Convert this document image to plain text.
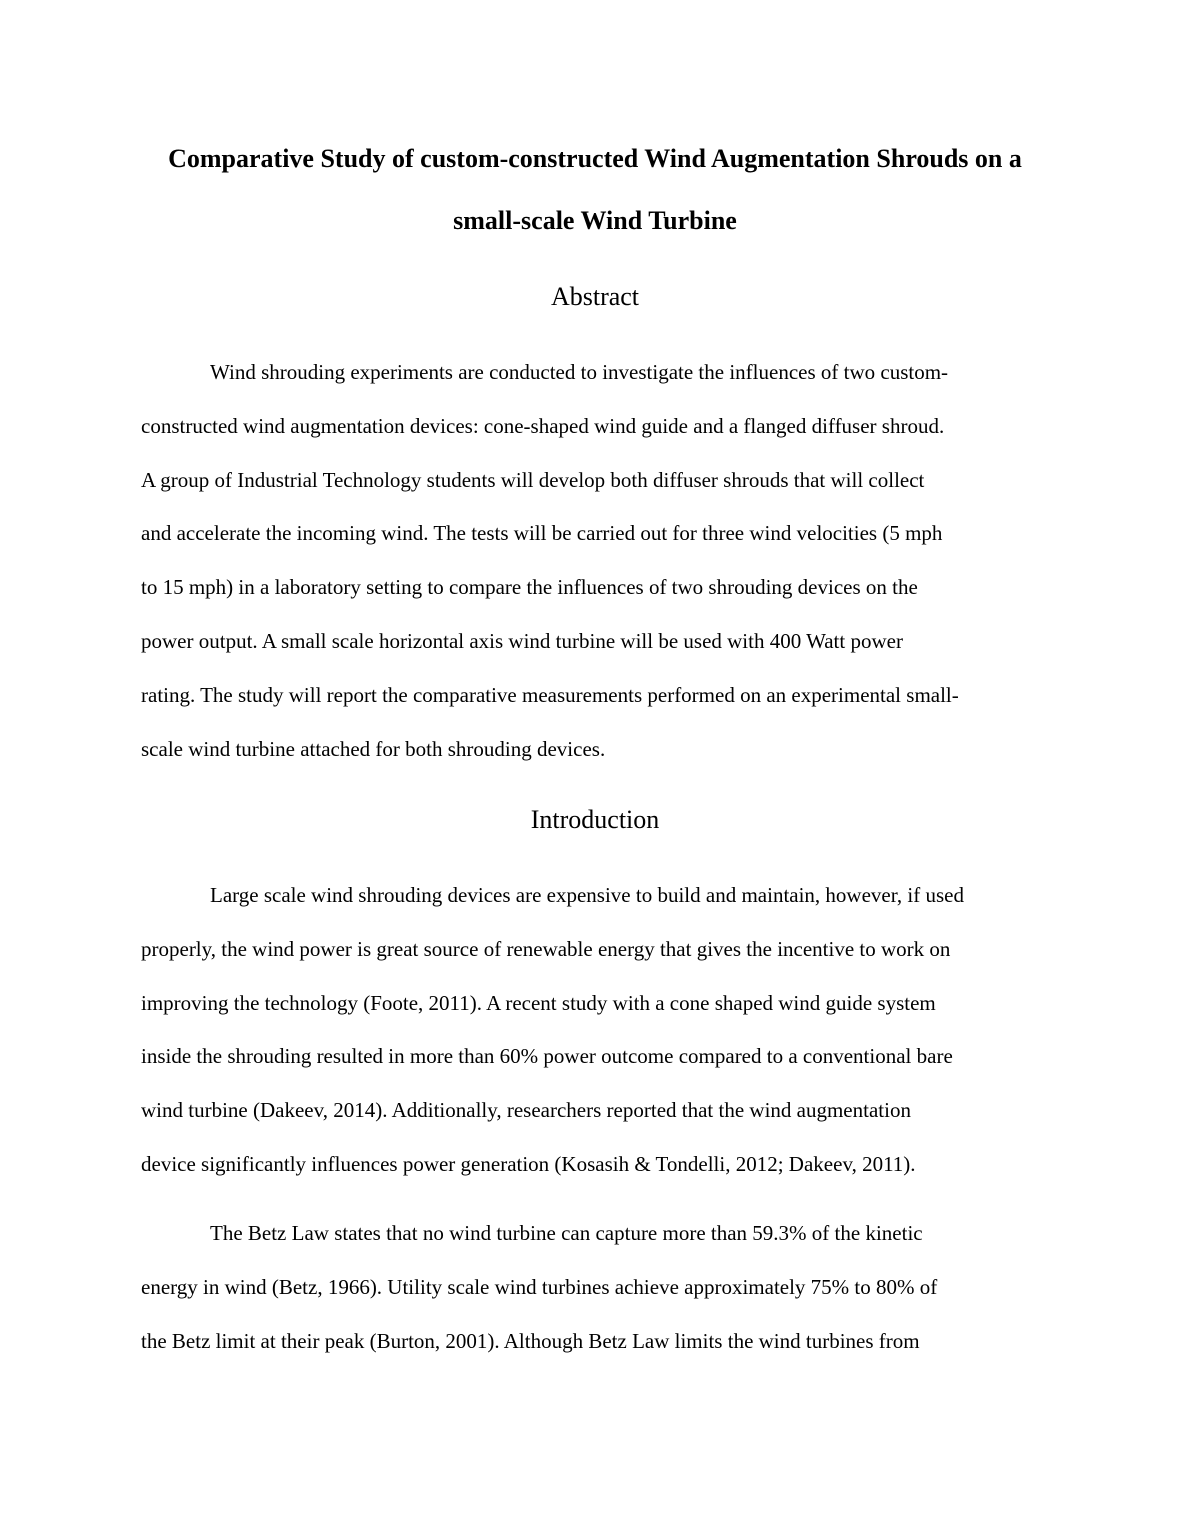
Comparative Study of custom-constructed Wind Augmentation Shrouds on a
small-scale Wind Turbine
Abstract
Wind shrouding experiments are conducted to investigate the influences of two custom-
constructed wind augmentation devices: cone-shaped wind guide and a flanged diffuser shroud.
A group of Industrial Technology students will develop both diffuser shrouds that will collect
and accelerate the incoming wind. The tests will be carried out for three wind velocities (5 mph
to 15 mph) in a laboratory setting to compare the influences of two shrouding devices on the
power output. A small scale horizontal axis wind turbine will be used with 400 Watt power
rating. The study will report the comparative measurements performed on an experimental small-
scale wind turbine attached for both shrouding devices.
Introduction
Large scale wind shrouding devices are expensive to build and maintain, however, if used
properly, the wind power is great source of renewable energy that gives the incentive to work on
improving the technology (Foote, 2011). A recent study with a cone shaped wind guide system
inside the shrouding resulted in more than 60% power outcome compared to a conventional bare
wind turbine (Dakeev, 2014). Additionally, researchers reported that the wind augmentation
device significantly influences power generation (Kosasih & Tondelli, 2012; Dakeev, 2011).
The Betz Law states that no wind turbine can capture more than 59.3% of the kinetic
energy in wind (Betz, 1966). Utility scale wind turbines achieve approximately 75% to 80% of
the Betz limit at their peak (Burton, 2001). Although Betz Law limits the wind turbines from
